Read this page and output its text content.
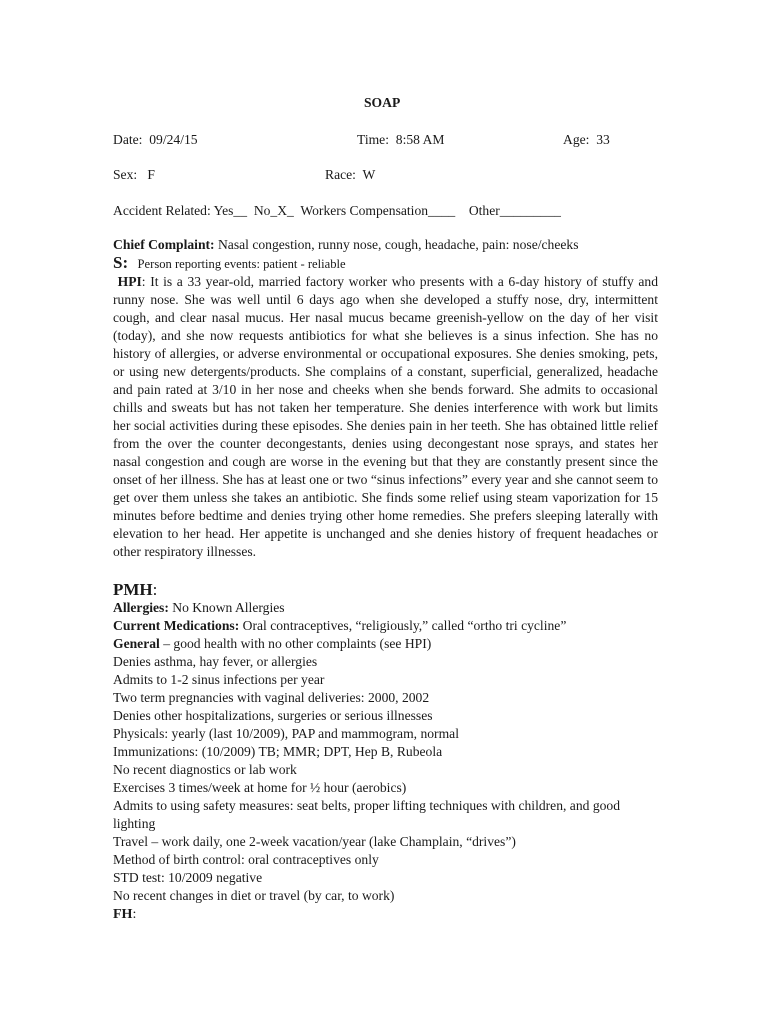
SOAP
Date: 09/24/15	Time: 8:58 AM	Age: 33
Sex: F	Race: W
Accident Related: Yes__  No_X_  Workers Compensation____    Other_________
Chief Complaint: Nasal congestion, runny nose, cough, headache, pain: nose/cheeks
S: Person reporting events: patient - reliable
HPI: It is a 33 year-old, married factory worker who presents with a 6-day history of stuffy and runny nose. She was well until 6 days ago when she developed a stuffy nose, dry, intermittent cough, and clear nasal mucus. Her nasal mucus became greenish-yellow on the day of her visit (today), and she now requests antibiotics for what she believes is a sinus infection. She has no history of allergies, or adverse environmental or occupational exposures. She denies smoking, pets, or using new detergents/products. She complains of a constant, superficial, generalized, headache and pain rated at 3/10 in her nose and cheeks when she bends forward. She admits to occasional chills and sweats but has not taken her temperature. She denies interference with work but limits her social activities during these episodes. She denies pain in her teeth. She has obtained little relief from the over the counter decongestants, denies using decongestant nose sprays, and states her nasal congestion and cough are worse in the evening but that they are constantly present since the onset of her illness. She has at least one or two “sinus infections” every year and she cannot seem to get over them unless she takes an antibiotic. She finds some relief using steam vaporization for 15 minutes before bedtime and denies trying other home remedies. She prefers sleeping laterally with elevation to her head. Her appetite is unchanged and she denies history of frequent headaches or other respiratory illnesses.
PMH:
Allergies: No Known Allergies
Current Medications: Oral contraceptives, “religiously,” called “ortho tri cycline”
General – good health with no other complaints (see HPI)
Denies asthma, hay fever, or allergies
Admits to 1-2 sinus infections per year
Two term pregnancies with vaginal deliveries: 2000, 2002
Denies other hospitalizations, surgeries or serious illnesses
Physicals: yearly (last 10/2009), PAP and mammogram, normal
Immunizations: (10/2009) TB; MMR; DPT, Hep B, Rubeola
No recent diagnostics or lab work
Exercises 3 times/week at home for ½ hour (aerobics)
Admits to using safety measures: seat belts, proper lifting techniques with children, and good lighting
Travel – work daily, one 2-week vacation/year (lake Champlain, “drives”)
Method of birth control: oral contraceptives only
STD test: 10/2009 negative
No recent changes in diet or travel (by car, to work)
FH:
